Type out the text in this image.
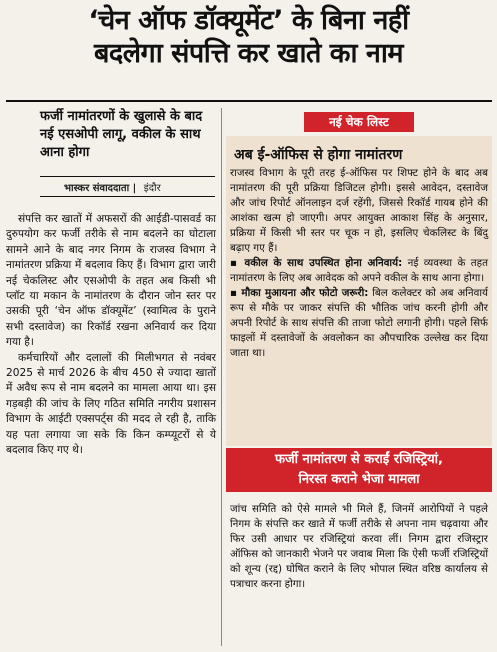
‘चेन ऑफ डॉक्यूमेंट’ के बिना नहीं
बदलेगा संपत्ति कर खाते का नाम
फर्जी नामांतरणों के खुलासे के बाद नई एसओपी लागू, वकील के साथ आना होगा
भास्कर संवाददाता | इंदौर

संपत्ति कर खातों में अफसरों की आईडी-पासवर्ड का दुरुपयोग कर फर्जी तरीके से नाम बदलने का घोटाला सामने आने के बाद नगर निगम के राजस्व विभाग ने नामांतरण प्रक्रिया में बदलाव किए हैं। विभाग द्वारा जारी नई चेकलिस्ट और एसओपी के तहत अब किसी भी प्लॉट या मकान के नामांतरण के दौरान जोन स्तर पर उसकी पूरी ‘चेन ऑफ डॉक्यूमेंट’ (स्वामित्व के पुराने सभी दस्तावेज) का रिकॉर्ड रखना अनिवार्य कर दिया गया है।

कर्मचारियों और दलालों की मिलीभगत से नवंबर 2025 से मार्च 2026 के बीच 450 से ज्यादा खातों में अवैध रूप से नाम बदलने का मामला आया था। इस गड़बड़ी की जांच के लिए गठित समिति नगरीय प्रशासन विभाग के आईटी एक्सपर्ट्स की मदद ले रही है, ताकि यह पता लगाया जा सके कि किन कम्प्यूटरों से ये बदलाव किए गए थे।

नई चेक लिस्ट
अब ई-ऑफिस से होगा नामांतरण

राजस्व विभाग के पूरी तरह ई-ऑफिस पर शिफ्ट होने के बाद अब नामांतरण की पूरी प्रक्रिया डिजिटल होगी। इससे आवेदन, दस्तावेज और जांच रिपोर्ट ऑनलाइन दर्ज रहेंगी, जिससे रिकॉर्ड गायब होने की आशंका खत्म हो जाएगी। अपर आयुक्त आकाश सिंह के अनुसार, प्रक्रिया में किसी भी स्तर पर चूक न हो, इसलिए चेकलिस्ट के बिंदु बढ़ाए गए हैं।

▪ वकील के साथ उपस्थित होना अनिवार्य: नई व्यवस्था के तहत नामांतरण के लिए अब आवेदक को अपने वकील के साथ आना होगा।

▪ मौका मुआयना और फोटो जरूरी: बिल कलेक्टर को अब अनिवार्य रूप से मौके पर जाकर संपत्ति की भौतिक जांच करनी होगी और अपनी रिपोर्ट के साथ संपत्ति की ताजा फोटो लगानी होगी। पहले सिर्फ फाइलों में दस्तावेजों के अवलोकन का औपचारिक उल्लेख कर दिया जाता था।

फर्जी नामांतरण से कराईं रजिस्ट्रियां,
निरस्त कराने भेजा मामला
जांच समिति को ऐसे मामले भी मिले हैं, जिनमें आरोपियों ने पहले निगम के संपत्ति कर खाते में फर्जी तरीके से अपना नाम चढ़वाया और फिर उसी आधार पर रजिस्ट्रियां करवा लीं। निगम द्वारा रजिस्ट्रार ऑफिस को जानकारी भेजने पर जवाब मिला कि ऐसी फर्जी रजिस्ट्रियों को शून्य (रद्द) घोषित कराने के लिए भोपाल स्थित वरिष्ठ कार्यालय से पत्राचार करना होगा।
